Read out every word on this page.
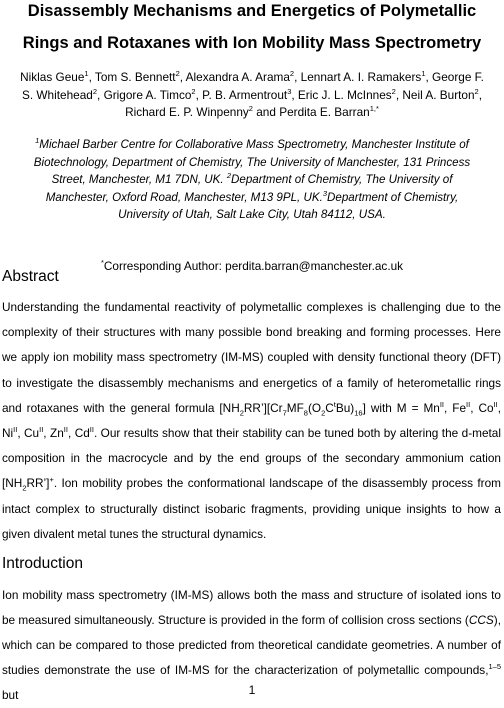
Disassembly Mechanisms and Energetics of Polymetallic Rings and Rotaxanes with Ion Mobility Mass Spectrometry
Niklas Geue$^1$, Tom S. Bennett$^2$, Alexandra A. Arama$^2$, Lennart A. I. Ramakers$^1$, George F. S. Whitehead$^2$, Grigore A. Timco$^2$, P. B. Armentrout$^3$, Eric J. L. McInnes$^2$, Neil A. Burton$^2$, Richard E. P. Winpenny$^2$ and Perdita E. Barran$^{1,*}$
$^1$Michael Barber Centre for Collaborative Mass Spectrometry, Manchester Institute of Biotechnology, Department of Chemistry, The University of Manchester, 131 Princess Street, Manchester, M1 7DN, UK. $^2$Department of Chemistry, The University of Manchester, Oxford Road, Manchester, M13 9PL, UK.$^3$Department of Chemistry, University of Utah, Salt Lake City, Utah 84112, USA.
*Corresponding Author: perdita.barran@manchester.ac.uk
Abstract

Understanding the fundamental reactivity of polymetallic complexes is challenging due to the complexity of their structures with many possible bond breaking and forming processes. Here we apply ion mobility mass spectrometry (IM-MS) coupled with density functional theory (DFT) to investigate the disassembly mechanisms and energetics of a family of heterometallic rings and rotaxanes with the general formula $[NH_2RR’][Cr_7MF_8(O_2C^tBu)_{16}]$ with $M = Mn^{II}$, $Fe^{II}$, $Co^{II}$, $Ni^{II}$, $Cu^{II}$, $Zn^{II}$, $Cd^{II}$. Our results show that their stability can be tuned both by altering the d-metal composition in the macrocycle and by the end groups of the secondary ammonium cation $[NH_2RR’]^+$. Ion mobility probes the conformational landscape of the disassembly process from intact complex to structurally distinct isobaric fragments, providing unique insights to how a given divalent metal tunes the structural dynamics.

Introduction

Ion mobility mass spectrometry (IM-MS) allows both the mass and structure of isolated ions to be measured simultaneously. Structure is provided in the form of collision cross sections (CCS), which can be compared to those predicted from theoretical candidate geometries. A number of studies demonstrate the use of IM-MS for the characterization of polymetallic compounds,$^{1-5}$ but	1
